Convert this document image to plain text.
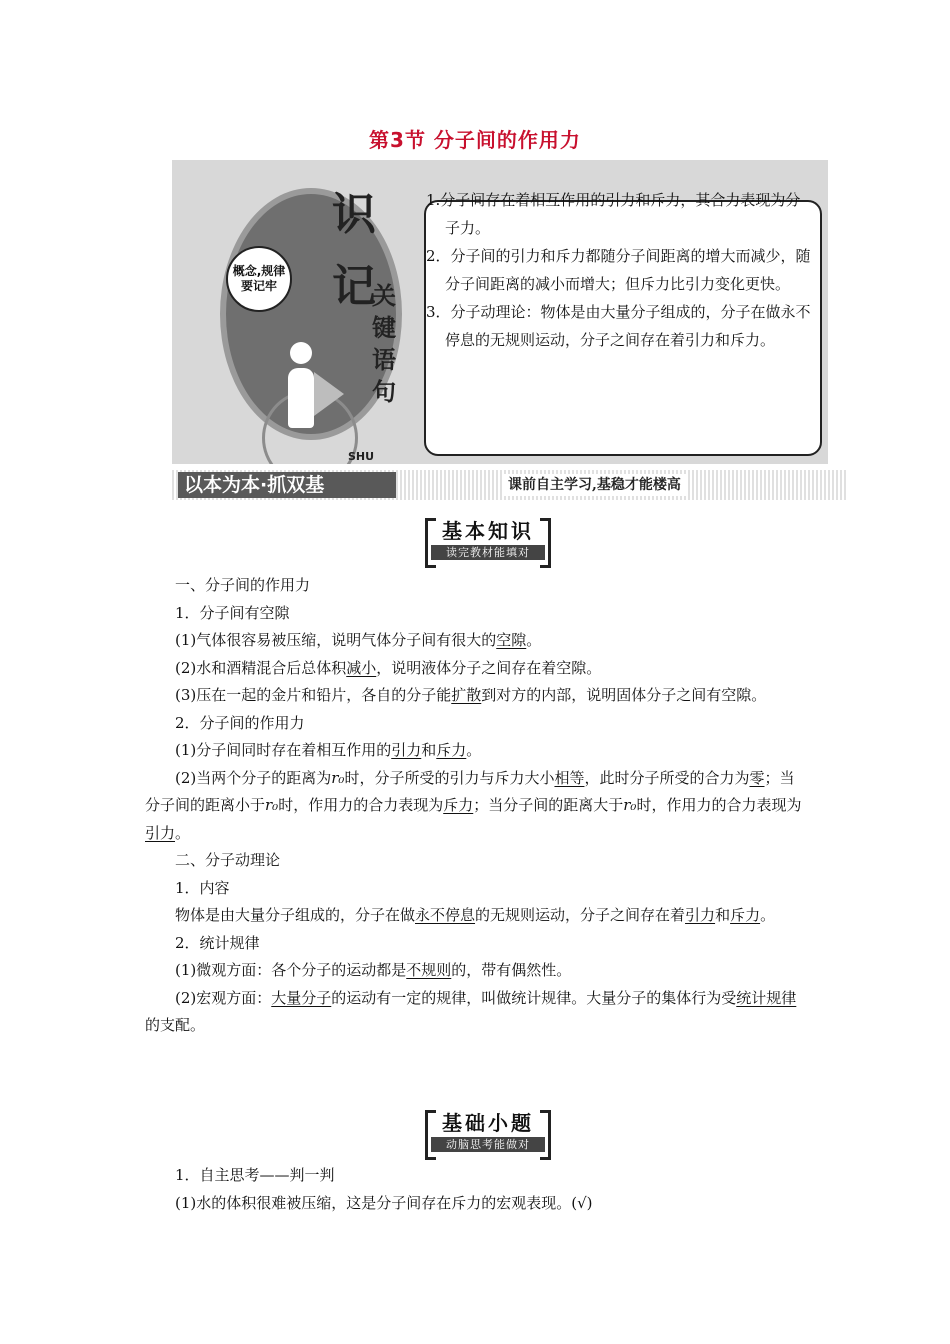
第3节 分子间的作用力
概念,规律
要记牢
识
记
关
键
语
句
SHU
1.分子间存在着相互作用的引力和斥力，其合力表现为分子力。
2．分子间的引力和斥力都随分子间距离的增大而减少，随分子间距离的减小而增大；但斥力比引力变化更快。
3．分子动理论：物体是由大量分子组成的，分子在做永不停息的无规则运动，分子之间存在着引力和斥力。
以本为本·抓双基	课前自主学习,基稳才能楼高
基本知识
读完教材能填对

一、分子间的作用力

1．分子间有空隙

(1)气体很容易被压缩，说明气体分子间有很大的空隙。

(2)水和酒精混合后总体积减小，说明液体分子之间存在着空隙。

(3)压在一起的金片和铅片，各自的分子能扩散到对方的内部，说明固体分子之间有空隙。

2．分子间的作用力

(1)分子间同时存在着相互作用的引力和斥力。

(2)当两个分子的距离为r₀时，分子所受的引力与斥力大小相等，此时分子所受的合力为零；当分子间的距离小于r₀时，作用力的合力表现为斥力；当分子间的距离大于r₀时，作用力的合力表现为引力。

二、分子动理论

1．内容

物体是由大量分子组成的，分子在做永不停息的无规则运动，分子之间存在着引力和斥力。

2．统计规律

(1)微观方面：各个分子的运动都是不规则的，带有偶然性。

(2)宏观方面：大量分子的运动有一定的规律，叫做统计规律。大量分子的集体行为受统计规律的支配。

基础小题
动脑思考能做对

1．自主思考——判一判

(1)水的体积很难被压缩，这是分子间存在斥力的宏观表现。(√)
